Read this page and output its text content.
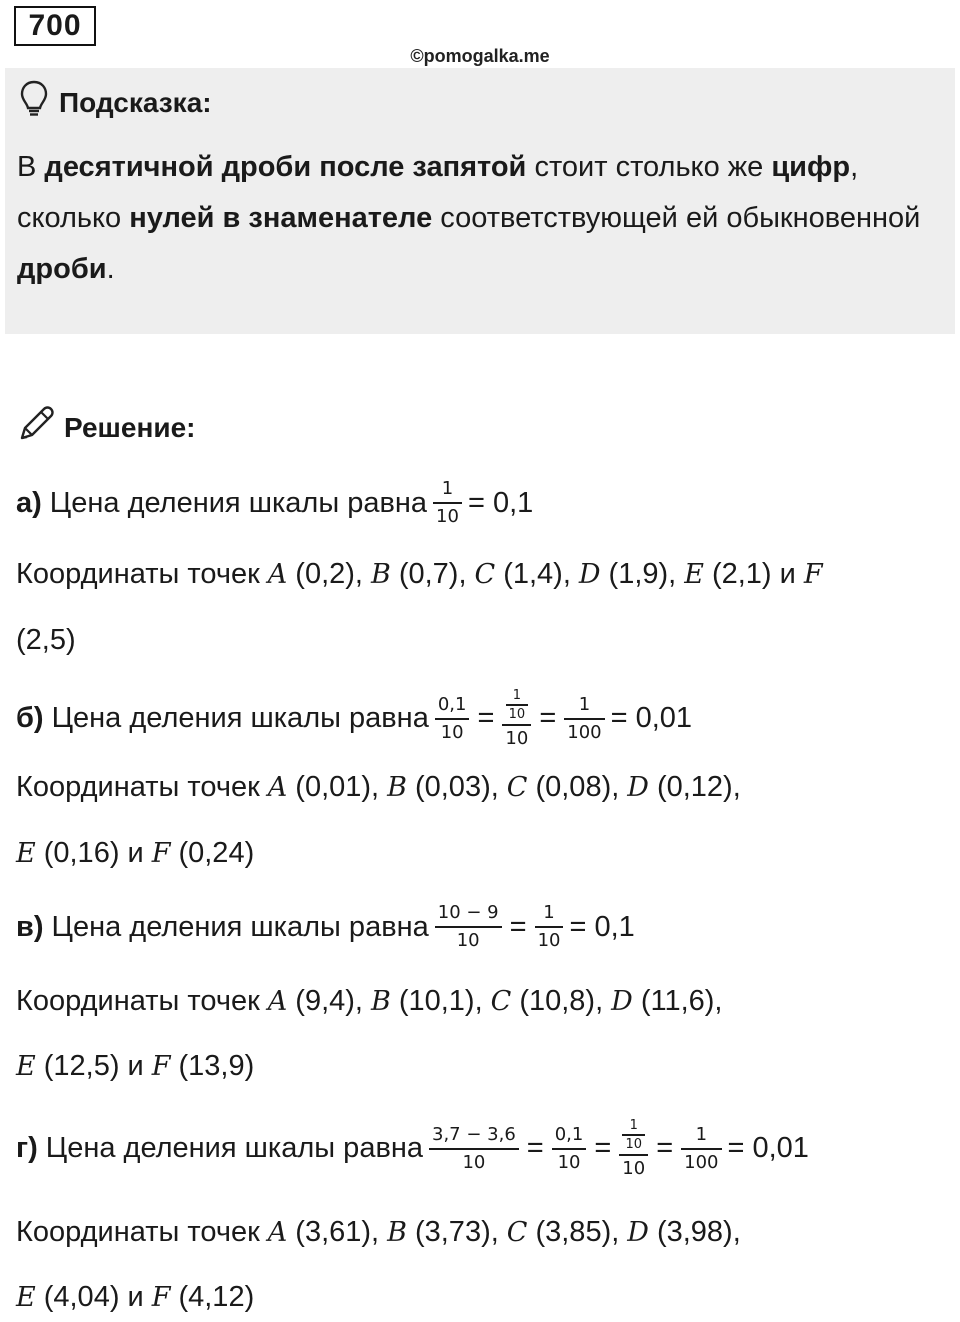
700
©pomogalka.me
Подсказка:
В десятичной дроби после запятой стоит столько же цифр, сколько нулей в знаменателе соответствующей ей обыкновенной дроби.
Решение:
а) Цена деления шкалы равна $\frac{1}{10} = 0,1$
Координаты точек A (0,2), B (0,7), C (1,4), D (1,9), E (2,1) и F
(2,5)
б) Цена деления шкалы равна $\frac{0,1}{10} = \frac{\frac{1}{10}}{10} = \frac{1}{100} = 0,01$
Координаты точек A (0,01), B (0,03), C (0,08), D (0,12),
E (0,16) и F (0,24)
в) Цена деления шкалы равна $\frac{10 - 9}{10} = \frac{1}{10} = 0,1$
Координаты точек A (9,4), B (10,1), C (10,8), D (11,6),
E (12,5) и F (13,9)
г) Цена деления шкалы равна $\frac{3,7 - 3,6}{10} = \frac{0,1}{10} = \frac{\frac{1}{10}}{10} = \frac{1}{100} = 0,01$
Координаты точек A (3,61), B (3,73), C (3,85), D (3,98),
E (4,04) и F (4,12)
